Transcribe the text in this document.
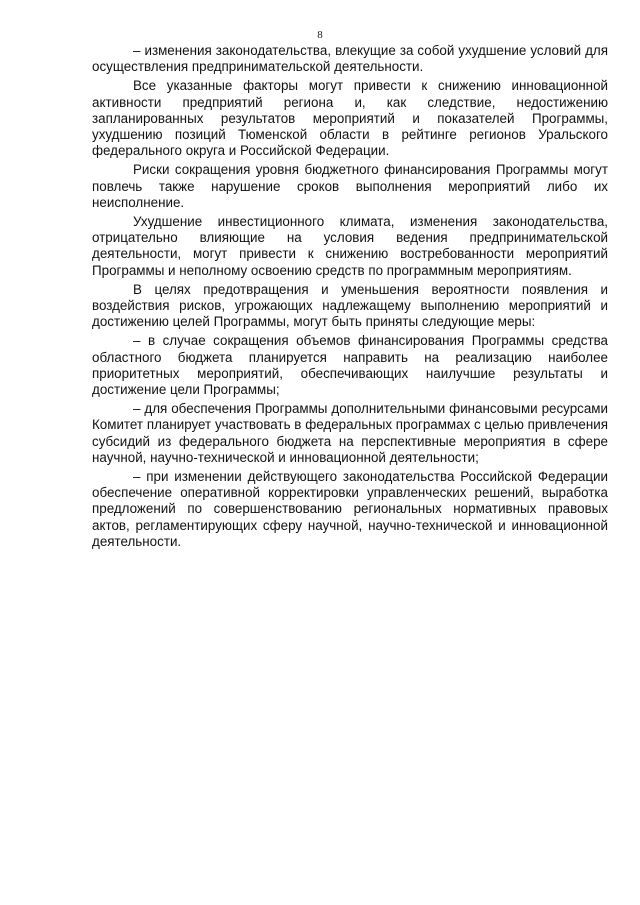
8

– изменения законодательства, влекущие за собой ухудшение условий для осуществления предпринимательской деятельности.

Все указанные факторы могут привести к снижению инновационной активности предприятий региона и, как следствие, недостижению запланированных результатов мероприятий и показателей Программы, ухудшению позиций Тюменской области в рейтинге регионов Уральского федерального округа и Российской Федерации.

Риски сокращения уровня бюджетного финансирования Программы могут повлечь также нарушение сроков выполнения мероприятий либо их неисполнение.

Ухудшение инвестиционного климата, изменения законодательства, отрицательно влияющие на условия ведения предпринимательской деятельности, могут привести к снижению востребованности мероприятий Программы и неполному освоению средств по программным мероприятиям.

В целях предотвращения и уменьшения вероятности появления и воздействия рисков, угрожающих надлежащему выполнению мероприятий и достижению целей Программы, могут быть приняты следующие меры:

– в случае сокращения объемов финансирования Программы средства областного бюджета планируется направить на реализацию наиболее приоритетных мероприятий, обеспечивающих наилучшие результаты и достижение цели Программы;

– для обеспечения Программы дополнительными финансовыми ресурсами Комитет планирует участвовать в федеральных программах с целью привлечения субсидий из федерального бюджета на перспективные мероприятия в сфере научной, научно-технической и инновационной деятельности;

– при изменении действующего законодательства Российской Федерации обеспечение оперативной корректировки управленческих решений, выработка предложений по совершенствованию региональных нормативных правовых актов, регламентирующих сферу научной, научно-технической и инновационной деятельности.
